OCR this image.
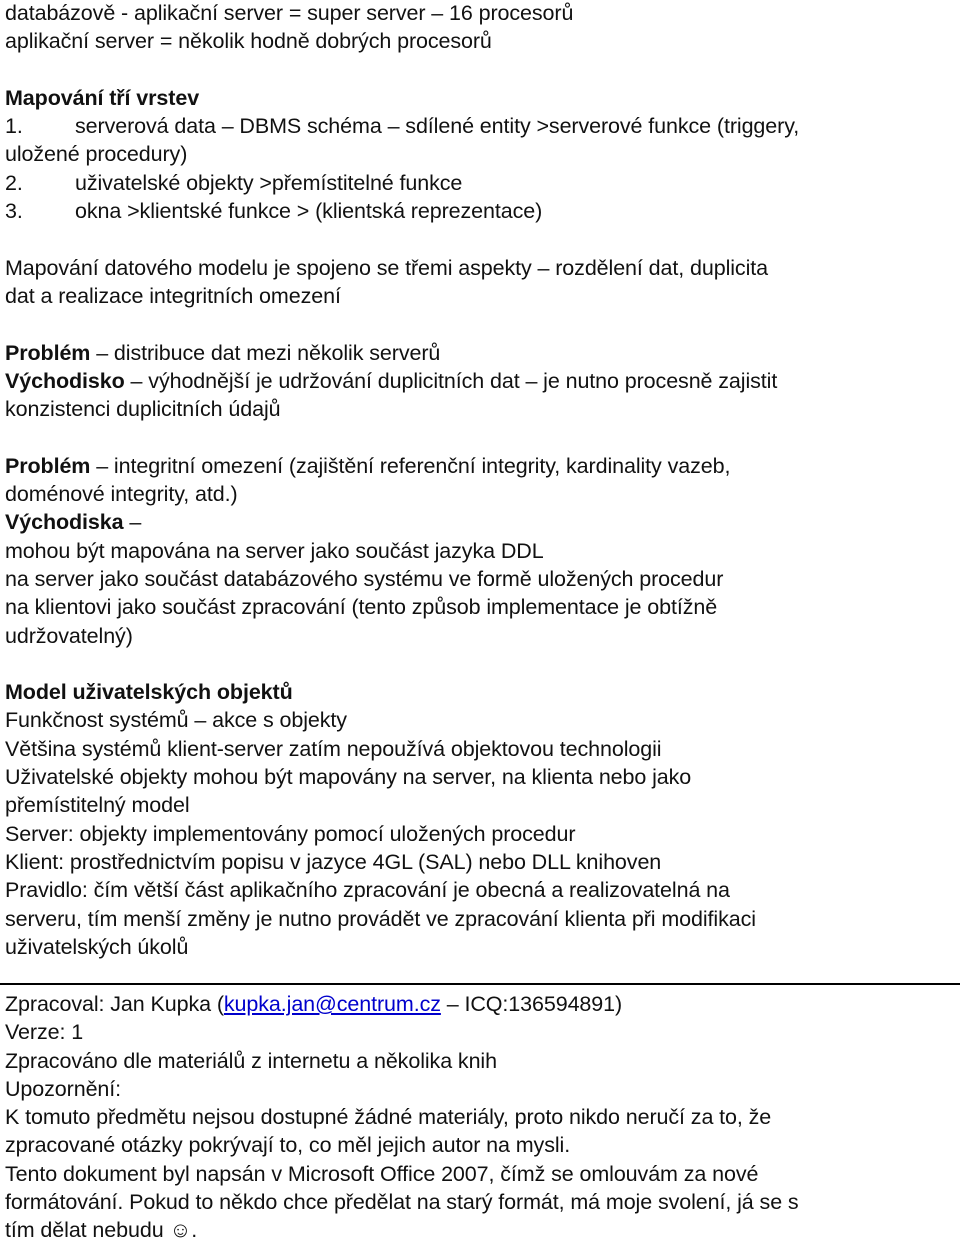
databázově - aplikační server = super server – 16 procesorů
aplikační server = několik hodně dobrých procesorů
Mapování tří vrstev
1. serverová data – DBMS schéma – sdílené entity >serverové funkce (triggery,
uložené procedury)
2. uživatelské objekty >přemístitelné funkce
3. okna >klientské funkce > (klientská reprezentace)
Mapování datového modelu je spojeno se třemi aspekty – rozdělení dat, duplicita
dat a realizace integritních omezení
Problém – distribuce dat mezi několik serverů
Východisko – výhodnější je udržování duplicitních dat – je nutno procesně zajistit
konzistenci duplicitních údajů
Problém – integritní omezení (zajištění referenční integrity, kardinality vazeb,
doménové integrity, atd.)
Východiska –
mohou být mapována na server jako součást jazyka DDL
na server jako součást databázového systému ve formě uložených procedur
na klientovi jako součást zpracování (tento způsob implementace je obtížně
udržovatelný)
Model uživatelských objektů
Funkčnost systémů – akce s objekty
Většina systémů klient-server zatím nepoužívá objektovou technologii
Uživatelské objekty mohou být mapovány na server, na klienta nebo jako
přemístitelný model
Server: objekty implementovány pomocí uložených procedur
Klient: prostřednictvím popisu v jazyce 4GL (SAL) nebo DLL knihoven
Pravidlo: čím větší část aplikačního zpracování je obecná a realizovatelná na
serveru, tím menší změny je nutno provádět ve zpracování klienta při modifikaci
uživatelských úkolů
Zpracoval: Jan Kupka (kupka.jan@centrum.cz – ICQ:136594891)
Verze: 1
Zpracováno dle materiálů z internetu a několika knih
Upozornění:
K tomuto předmětu nejsou dostupné žádné materiály, proto nikdo neručí za to, že
zpracované otázky pokrývají to, co měl jejich autor na mysli.
Tento dokument byl napsán v Microsoft Office 2007, čímž se omlouvám za nové
formátování. Pokud to někdo chce předělat na starý formát, má moje svolení, já se s
tím dělat nebudu ☺.
